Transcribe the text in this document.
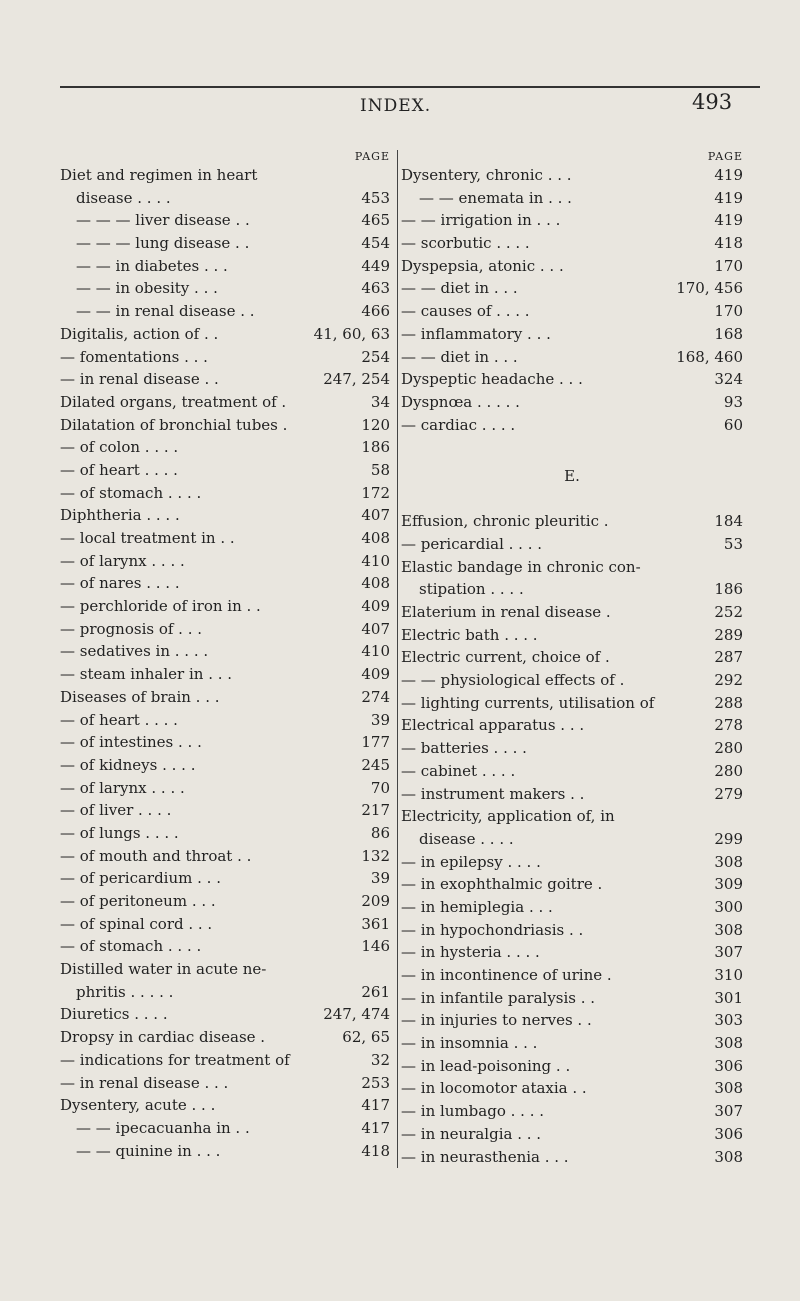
INDEX.	493
PAGE
Diet and regimen in heart
disease . . . .	453
— — — liver disease . .	465
— — — lung disease . .	454
— — in diabetes . . .	449
— — in obesity . . .	463
— — in renal disease . .	466
Digitalis, action of . .	41, 60, 63
— fomentations . . .	254
— in renal disease . .	247, 254
Dilated organs, treatment of .	34
Dilatation of bronchial tubes .	120
— of colon . . . .	186
— of heart . . . .	58
— of stomach . . . .	172
Diphtheria . . . .	407
— local treatment in . .	408
— of larynx . . . .	410
— of nares . . . .	408
— perchloride of iron in . .	409
— prognosis of . . .	407
— sedatives in . . . .	410
— steam inhaler in . . .	409
Diseases of brain . . .	274
— of heart . . . .	39
— of intestines . . .	177
— of kidneys . . . .	245
— of larynx . . . .	70
— of liver . . . .	217
— of lungs . . . .	86
— of mouth and throat . .	132
— of pericardium . . .	39
— of peritoneum . . .	209
— of spinal cord . . .	361
— of stomach . . . .	146
Distilled water in acute ne-
phritis . . . . .	261
Diuretics . . . .	247, 474
Dropsy in cardiac disease .	62, 65
— indications for treatment of	32
— in renal disease . . .	253
Dysentery, acute . . .	417
— — ipecacuanha in . .	417
— — quinine in . . .	418
PAGE
Dysentery, chronic . . .	419
— — enemata in . . .	419
— — irrigation in . . .	419
— scorbutic . . . .	418
Dyspepsia, atonic . . .	170
— — diet in . . .	170, 456
— causes of . . . .	170
— inflammatory . . .	168
— — diet in . . .	168, 460
Dyspeptic headache . . .	324
Dyspnœa . . . . .	93
— cardiac . . . .	60
E.
Effusion, chronic pleuritic .	184
— pericardial . . . .	53
Elastic bandage in chronic con-
stipation . . . .	186
Elaterium in renal disease .	252
Electric bath . . . .	289
Electric current, choice of .	287
— — physiological effects of .	292
— lighting currents, utilisation of	288
Electrical apparatus . . .	278
— batteries . . . .	280
— cabinet . . . .	280
— instrument makers . .	279
Electricity, application of, in
disease . . . .	299
— in epilepsy . . . .	308
— in exophthalmic goitre .	309
— in hemiplegia . . .	300
— in hypochondriasis . .	308
— in hysteria . . . .	307
— in incontinence of urine .	310
— in infantile paralysis . .	301
— in injuries to nerves . .	303
— in insomnia . . .	308
— in lead-poisoning . .	306
— in locomotor ataxia . .	308
— in lumbago . . . .	307
— in neuralgia . . .	306
— in neurasthenia . . .	308
